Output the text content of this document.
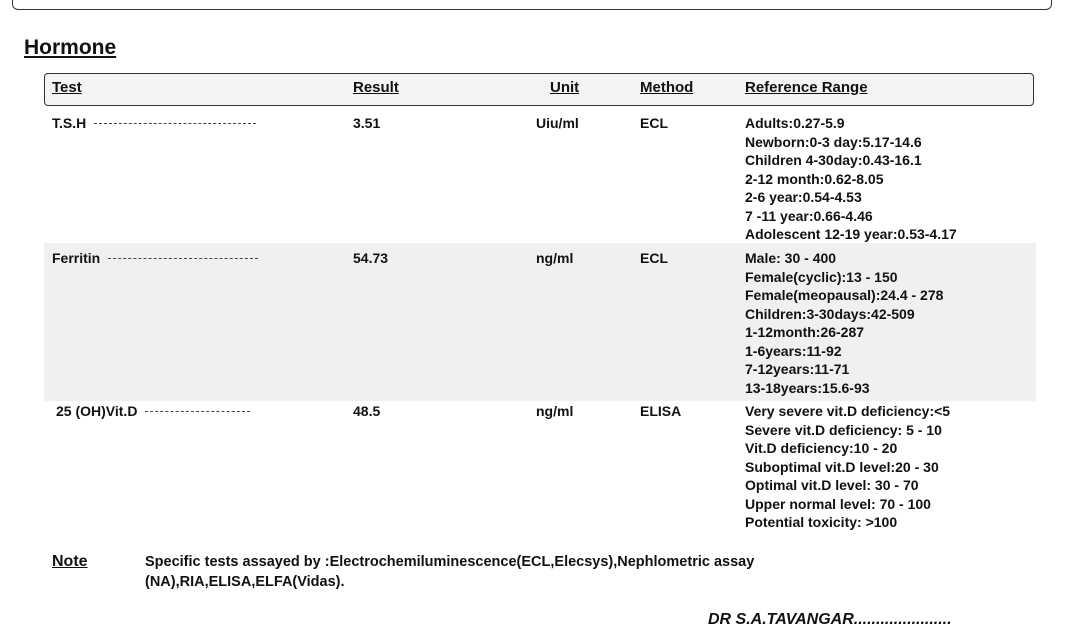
Hormone
Test	Result	Unit	Method	Reference Range
T.S.H	3.51	Uiu/ml	ECL	Adults:0.27-5.9
Newborn:0-3 day:5.17-14.6
Children 4-30day:0.43-16.1
2-12 month:0.62-8.05
2-6 year:0.54-4.53
7 -11 year:0.66-4.46
Adolescent 12-19 year:0.53-4.17
Ferritin	54.73	ng/ml	ECL	Male: 30 - 400
Female(cyclic):13 - 150
Female(meopausal):24.4 - 278
Children:3-30days:42-509
1-12month:26-287
1-6years:11-92
7-12years:11-71
13-18years:15.6-93
25 (OH)Vit.D	48.5	ng/ml	ELISA	Very severe vit.D deficiency:<5
Severe vit.D deficiency: 5 - 10
Vit.D deficiency:10 - 20
Suboptimal vit.D level:20 - 30
Optimal vit.D level: 30 - 70
Upper normal level: 70 - 100
Potential toxicity: >100
Note	Specific tests assayed by :Electrochemiluminescence(ECL,Elecsys),Nephlometric assay (NA),RIA,ELISA,ELFA(Vidas).
DR S.A.TAVANGAR......................
